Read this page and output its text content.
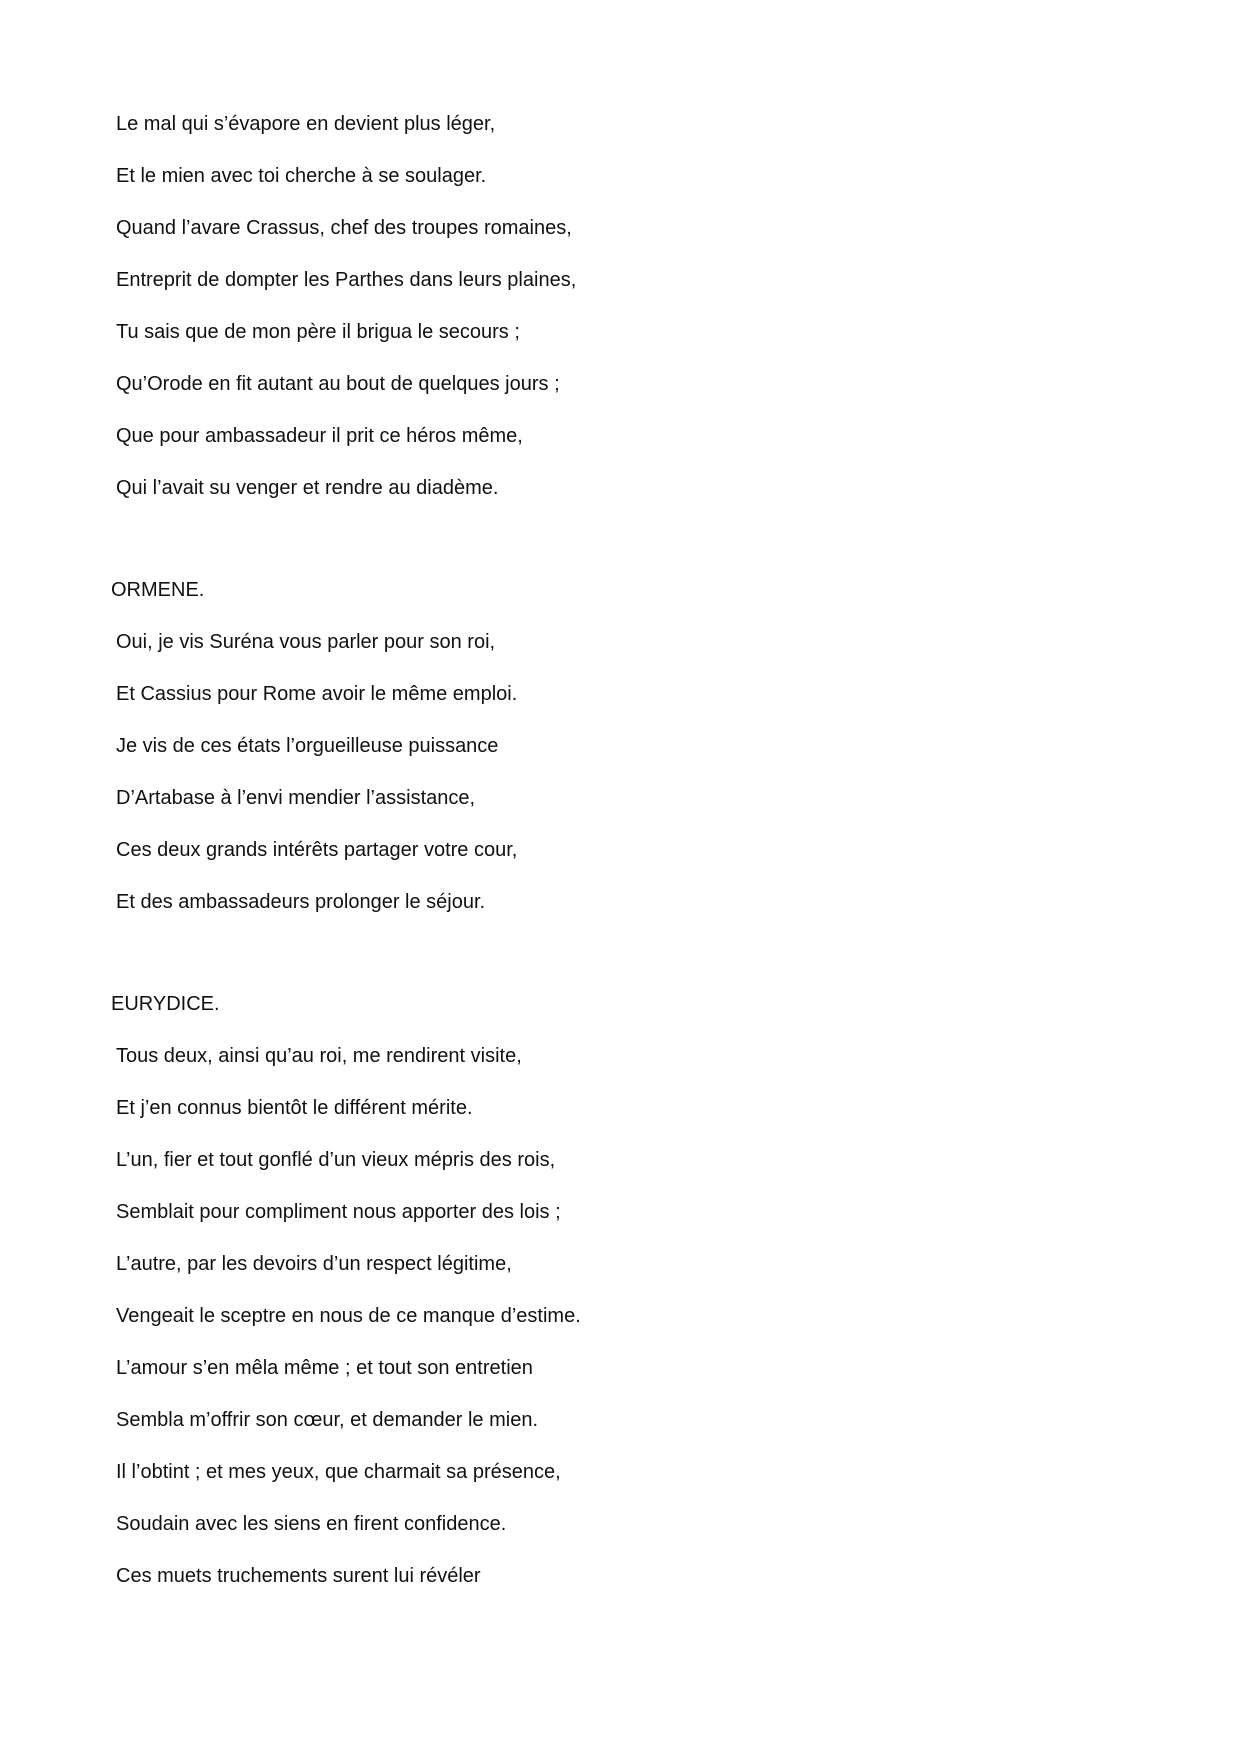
Le mal qui s’évapore en devient plus léger,
Et le mien avec toi cherche à se soulager.
Quand l’avare Crassus, chef des troupes romaines,
Entreprit de dompter les Parthes dans leurs plaines,
Tu sais que de mon père il brigua le secours ;
Qu’Orode en fit autant au bout de quelques jours ;
Que pour ambassadeur il prit ce héros même,
Qui l’avait su venger et rendre au diadème.
ORMENE.
Oui, je vis Suréna vous parler pour son roi,
Et Cassius pour Rome avoir le même emploi.
Je vis de ces états l’orgueilleuse puissance
D’Artabase à l’envi mendier l’assistance,
Ces deux grands intérêts partager votre cour,
Et des ambassadeurs prolonger le séjour.
EURYDICE.
Tous deux, ainsi qu’au roi, me rendirent visite,
Et j’en connus bientôt le différent mérite.
L’un, fier et tout gonflé d’un vieux mépris des rois,
Semblait pour compliment nous apporter des lois ;
L’autre, par les devoirs d’un respect légitime,
Vengeait le sceptre en nous de ce manque d’estime.
L’amour s’en mêla même ; et tout son entretien
Sembla m’offrir son cœur, et demander le mien.
Il l’obtint ; et mes yeux, que charmait sa présence,
Soudain avec les siens en firent confidence.
Ces muets truchements surent lui révéler
